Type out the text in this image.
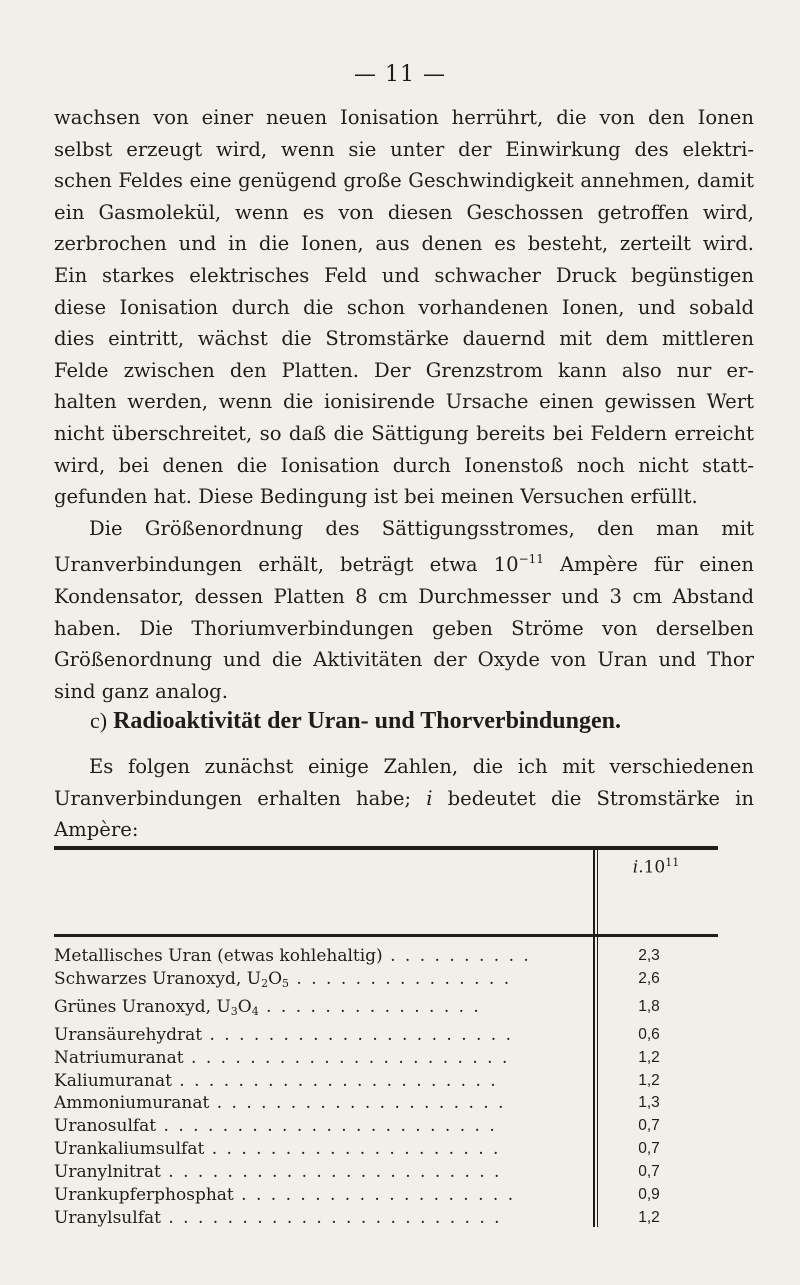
— 11 —
wachsen von einer neuen Ionisation herrührt, die von den Ionen
selbst erzeugt wird, wenn sie unter der Einwirkung des elektri-
schen Feldes eine genügend große Geschwindigkeit annehmen, damit
ein Gasmolekül, wenn es von diesen Geschossen getroffen wird,
zerbrochen und in die Ionen, aus denen es besteht, zerteilt wird.
Ein starkes elektrisches Feld und schwacher Druck begünstigen
diese Ionisation durch die schon vorhandenen Ionen, und sobald
dies eintritt, wächst die Stromstärke dauernd mit dem mittleren
Felde zwischen den Platten. Der Grenzstrom kann also nur er-
halten werden, wenn die ionisirende Ursache einen gewissen Wert
nicht überschreitet, so daß die Sättigung bereits bei Feldern erreicht
wird, bei denen die Ionisation durch Ionenstoß noch nicht statt-
gefunden hat. Diese Bedingung ist bei meinen Versuchen erfüllt.
Die Größenordnung des Sättigungsstromes, den man mit
Uranverbindungen erhält, beträgt etwa $10^{-11}$ Ampère für einen
Kondensator, dessen Platten 8 cm Durchmesser und 3 cm Abstand
haben. Die Thoriumverbindungen geben Ströme von derselben
Größenordnung und die Aktivitäten der Oxyde von Uran und Thor
sind ganz analog.
c) Radioaktivität der Uran- und Thorverbindungen.
Es folgen zunächst einige Zahlen, die ich mit verschiedenen
Uranverbindungen erhalten habe; i bedeutet die Stromstärke in
Ampère:
$i.10^{11}$
Metallisches Uran (etwas kohlehaltig) . . . . . . . . . .	2,3
Schwarzes Uranoxyd, $U_2O_5$ . . . . . . . . . . . . . . .	2,6
Grünes Uranoxyd, $U_3O_4$ . . . . . . . . . . . . . . .	1,8
Uransäurehydrat . . . . . . . . . . . . . . . . . . . . .	0,6
Natriumuranat . . . . . . . . . . . . . . . . . . . . . .	1,2
Kaliumuranat . . . . . . . . . . . . . . . . . . . . . .	1,2
Ammoniumuranat . . . . . . . . . . . . . . . . . . . .	1,3
Uranosulfat . . . . . . . . . . . . . . . . . . . . . . .	0,7
Urankaliumsulfat . . . . . . . . . . . . . . . . . . . .	0,7
Uranylnitrat . . . . . . . . . . . . . . . . . . . . . . .	0,7
Urankupferphosphat . . . . . . . . . . . . . . . . . . .	0,9
Uranylsulfat . . . . . . . . . . . . . . . . . . . . . . .	1,2
